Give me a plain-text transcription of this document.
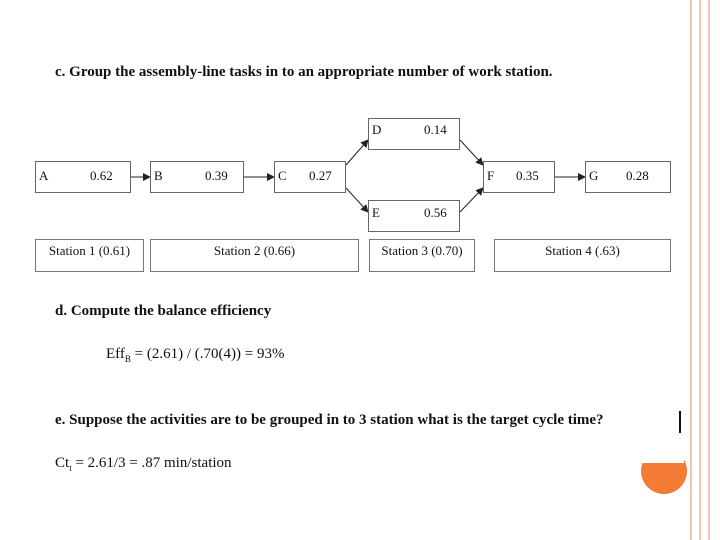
c. Group the assembly-line tasks in to an appropriate number of work station.
A	0.62	B	0.39	C 0.27
D	0.14
E	0.56
F 0.35	G 0.28
Station 1 (0.61)	Station 2 (0.66)	Station 3 (0.70)	Station 4 (.63)
d. Compute the balance efficiency
Eff$_B$ = (2.61) / (.70(4)) = 93%
e. Suppose the activities are to be grouped in to 3 station what is the target cycle time?
$Ct_t = 2.61/3 = .87$ min/station
